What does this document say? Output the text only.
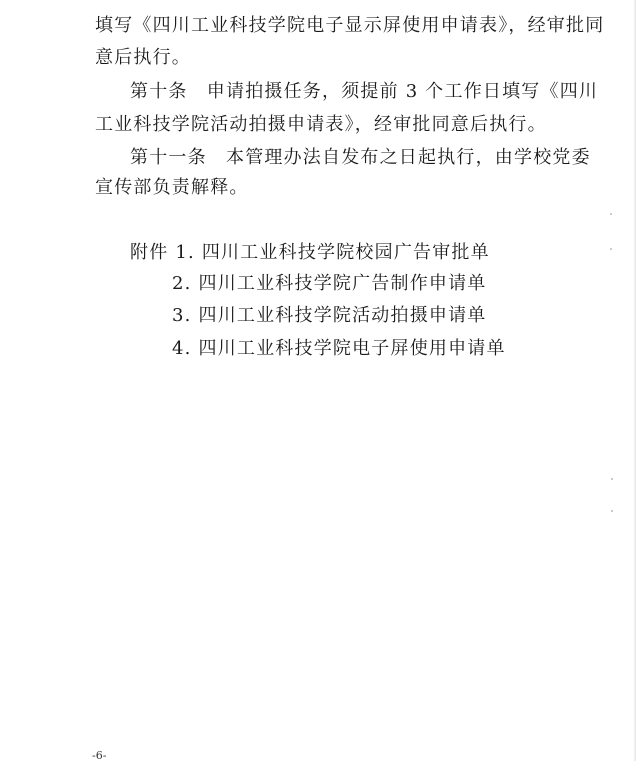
填写《四川工业科技学院电子显示屏使用申请表》，经审批同
意后执行。
第十条　申请拍摄任务，须提前 3 个工作日填写《四川
工业科技学院活动拍摄申请表》，经审批同意后执行。
第十一条　本管理办法自发布之日起执行，由学校党委
宣传部负责解释。
附件 1. 四川工业科技学院校园广告审批单
2. 四川工业科技学院广告制作申请单
3. 四川工业科技学院活动拍摄申请单
4. 四川工业科技学院电子屏使用申请单
-6-
